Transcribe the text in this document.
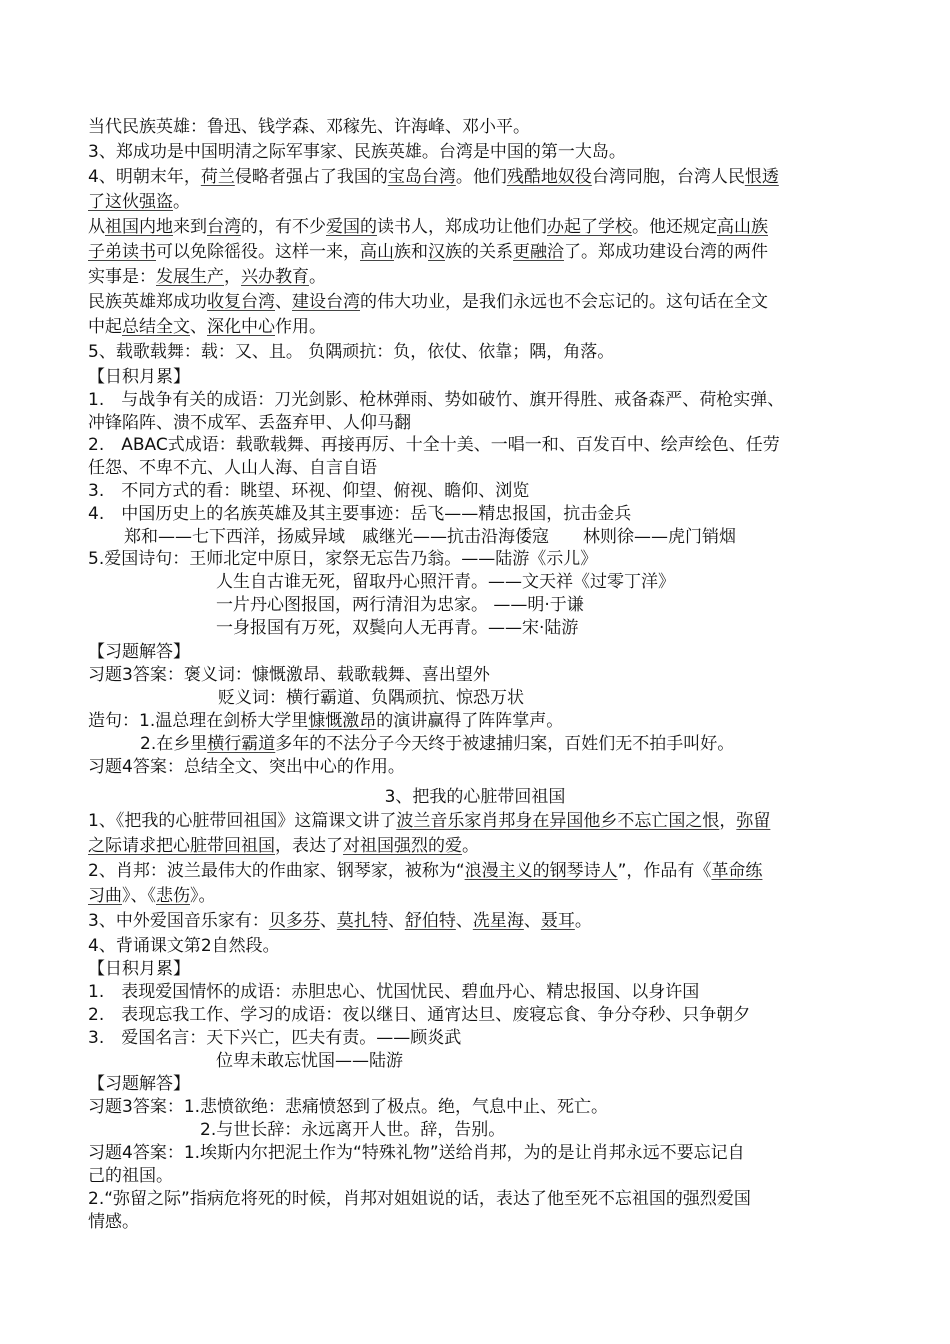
当代民族英雄：鲁迅、钱学森、邓稼先、许海峰、邓小平。
3、郑成功是中国明清之际军事家、民族英雄。台湾是中国的第一大岛。
4、明朝末年，荷兰侵略者强占了我国的宝岛台湾。他们残酷地奴役台湾同胞，台湾人民恨透
了这伙强盗。
从祖国内地来到台湾的，有不少爱国的读书人，郑成功让他们办起了学校。他还规定高山族
子弟读书可以免除徭役。这样一来，高山族和汉族的关系更融洽了。郑成功建设台湾的两件
实事是：发展生产，兴办教育。
民族英雄郑成功收复台湾、建设台湾的伟大功业，是我们永远也不会忘记的。这句话在全文
中起总结全文、深化中心作用。
5、载歌载舞：载：又、且。 负隅顽抗：负，依仗、依靠；隅，角落。
【日积月累】
1.　与战争有关的成语：刀光剑影、枪林弹雨、势如破竹、旗开得胜、戒备森严、荷枪实弹、
冲锋陷阵、溃不成军、丢盔弃甲、人仰马翻
2.　ABAC式成语：载歌载舞、再接再厉、十全十美、一唱一和、百发百中、绘声绘色、任劳
任怨、不卑不亢、人山人海、自言自语
3.　不同方式的看：眺望、环视、仰望、俯视、瞻仰、浏览
4.　中国历史上的名族英雄及其主要事迹：岳飞——精忠报国，抗击金兵
郑和——七下西洋，扬威异域　戚继光——抗击沿海倭寇　　林则徐——虎门销烟
5.爱国诗句：王师北定中原日，家祭无忘告乃翁。——陆游《示儿》
人生自古谁无死，留取丹心照汗青。——文天祥《过零丁洋》
一片丹心图报国，两行清泪为忠家。 ——明·于谦
一身报国有万死，双鬓向人无再青。——宋·陆游
【习题解答】
习题3答案：褒义词：慷慨激昂、载歌载舞、喜出望外
贬义词：横行霸道、负隅顽抗、惊恐万状
造句：1.温总理在剑桥大学里慷慨激昂的演讲赢得了阵阵掌声。
2.在乡里横行霸道多年的不法分子今天终于被逮捕归案，百姓们无不拍手叫好。
习题4答案：总结全文、突出中心的作用。
3、把我的心脏带回祖国
1、《把我的心脏带回祖国》这篇课文讲了波兰音乐家肖邦身在异国他乡不忘亡国之恨，弥留
之际请求把心脏带回祖国，表达了对祖国强烈的爱。
2、肖邦：波兰最伟大的作曲家、钢琴家，被称为“浪漫主义的钢琴诗人”，作品有《革命练
习曲》、《悲伤》。
3、中外爱国音乐家有：贝多芬、莫扎特、舒伯特、冼星海、聂耳。
4、背诵课文第2自然段。
【日积月累】
1.　表现爱国情怀的成语：赤胆忠心、忧国忧民、碧血丹心、精忠报国、以身许国
2.　表现忘我工作、学习的成语：夜以继日、通宵达旦、废寝忘食、争分夺秒、只争朝夕
3.　爱国名言：天下兴亡，匹夫有责。——顾炎武
位卑未敢忘忧国——陆游
【习题解答】
习题3答案：1.悲愤欲绝：悲痛愤怒到了极点。绝，气息中止、死亡。
2.与世长辞：永远离开人世。辞，告别。
习题4答案：1.埃斯内尔把泥土作为“特殊礼物”送给肖邦，为的是让肖邦永远不要忘记自
己的祖国。
2.“弥留之际”指病危将死的时候，肖邦对姐姐说的话，表达了他至死不忘祖国的强烈爱国
情感。
